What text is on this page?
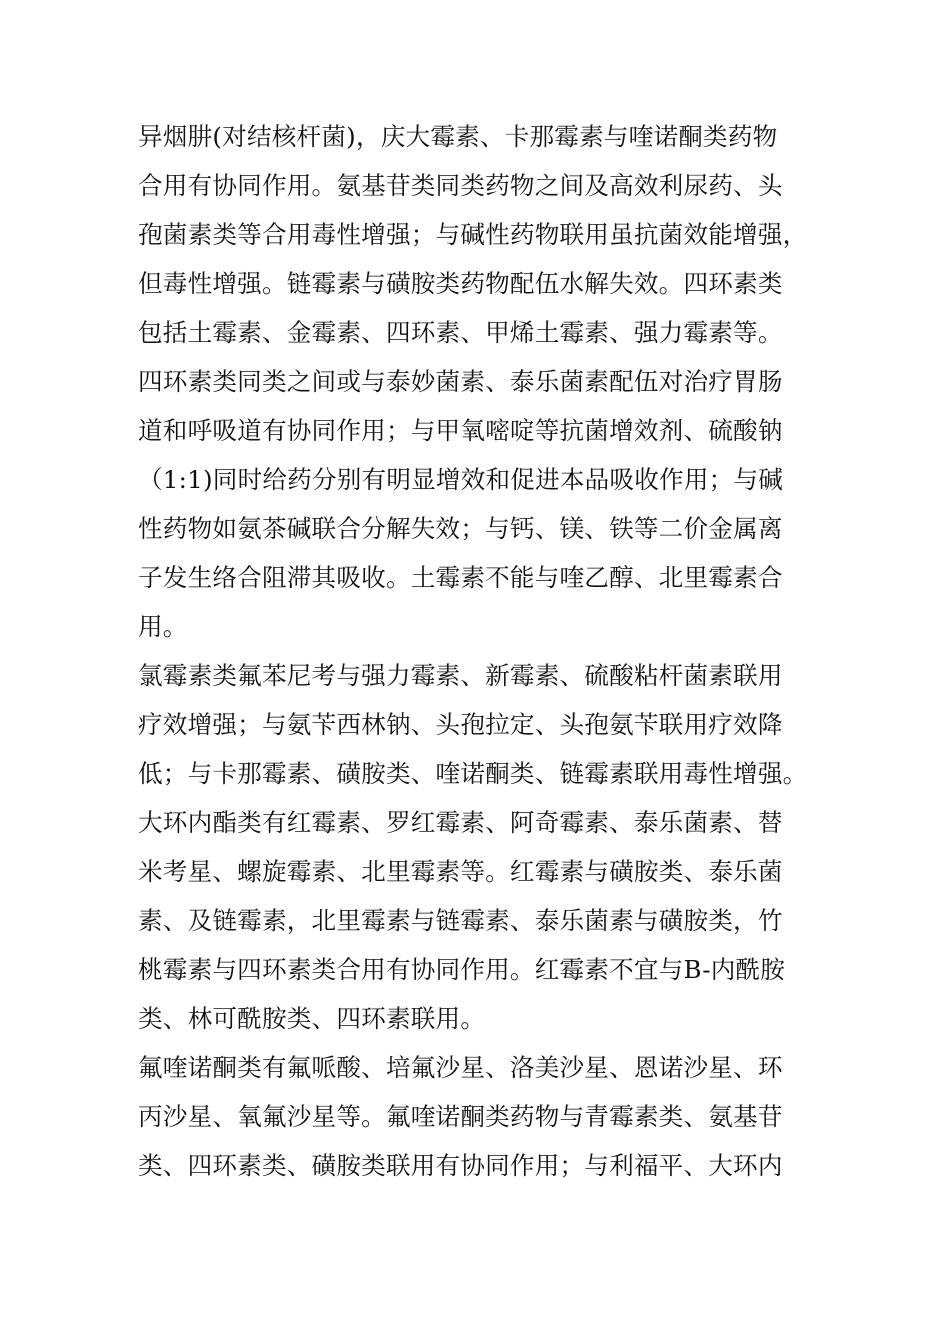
异烟肼(对结核杆菌)，庆大霉素、卡那霉素与喹诺酮类药物
合用有协同作用。氨基苷类同类药物之间及高效利尿药、头
孢菌素类等合用毒性增强；与碱性药物联用虽抗菌效能增强，
但毒性增强。链霉素与磺胺类药物配伍水解失效。四环素类
包括土霉素、金霉素、四环素、甲烯土霉素、强力霉素等。
四环素类同类之间或与泰妙菌素、泰乐菌素配伍对治疗胃肠
道和呼吸道有协同作用；与甲氧嘧啶等抗菌增效剂、硫酸钠
（1:1)同时给药分别有明显增效和促进本品吸收作用；与碱
性药物如氨茶碱联合分解失效；与钙、镁、铁等二价金属离
子发生络合阻滞其吸收。土霉素不能与喹乙醇、北里霉素合
用。
氯霉素类氟苯尼考与强力霉素、新霉素、硫酸粘杆菌素联用
疗效增强；与氨苄西林钠、头孢拉定、头孢氨苄联用疗效降
低；与卡那霉素、磺胺类、喹诺酮类、链霉素联用毒性增强。
大环内酯类有红霉素、罗红霉素、阿奇霉素、泰乐菌素、替
米考星、螺旋霉素、北里霉素等。红霉素与磺胺类、泰乐菌
素、及链霉素，北里霉素与链霉素、泰乐菌素与磺胺类，竹
桃霉素与四环素类合用有协同作用。红霉素不宜与B-内酰胺
类、林可酰胺类、四环素联用。
氟喹诺酮类有氟哌酸、培氟沙星、洛美沙星、恩诺沙星、环
丙沙星、氧氟沙星等。氟喹诺酮类药物与青霉素类、氨基苷
类、四环素类、磺胺类联用有协同作用；与利福平、大环内
